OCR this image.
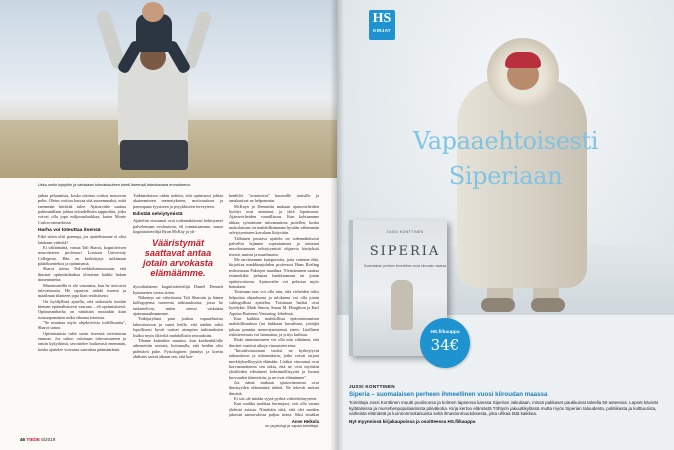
Usko omiin kykyihin ja valoisaan tulevaisuuteen toimii itseensä toteuttavana ennusteena.

jatkaa pelaamista, koska odottaa voittoa nousevan pelin. Oletus voittoa kasvaa sitä suuremmaksi, mitä enemmän hävittää tulee. Ajatusvirhe saattaa pahimmillaan johtaa taloudellisiin tappioihin, jotka voivat olla jopa miljoonaluokkaa, kuten Monte Carlon esimerkissä.

Harha voi toteuttaa itsensä

Eikö sitten olisi parempi, jos ajattelisimme ei olisi lainkaan virheitä?

Ei välttämättä, vastaa Tali Sharot, kognitiivisen neurotieteen professori Lontoon University Collegesta. Hän on keskittynyt tutkimaan päätöksentekoa ja optimismia.

Sharot toteaa Ted-verkkoluennossaan, että ihmiset optimistiharhaa oliisieme kaikki hukan masentuneita.

Masentuneilla ei ole vinoumia, kun he arvioivat tulevaisuutta. He tapaavat nähdä itsensä ja maailman tilanteen jopa liian realistisesti.

On hyödyllistä ajatella, että tarkastelu itseään hieman epärealistisesti vaarana – eli optimistisesti. Optimismiharha on nimittäin muutakin kuin ruusunpunainen mikä oikeana toteutuu.

"Se muuttaa myös objektiivista todellisuutta", Sharot sanoo.

Optimismista tulee usein itseensä toteuttavan ennuste. Jos uskoo valoisaan tulevaisuuteen ja omiin kykyihinsä, tavoittelee luultavasti enemmän, koska ajattelee voivansa saavuttaa päämääränsä.

Tutkimuksissa onkin todettu, että optimismi johtaa akateemiseen menestykseen, motivaatioon ja parempaan fyysiseen ja psyykkiseen terveyteen.

Edistää selviytymistä

Ajattelun vinoumat ovat todennäköisesti kehittyneet palvelemaan evoluutiota, eli toimintaamme, sanoo kognitiotieteilijä Ryan McKay ja yh-

Vääristymät saattavat antaa jotain arvokasta elämäämme.

dysvaltalainen kognitiotieteilijä Daniel Dennett kymmenen vuotta sitten.

Näkemys sai vahvistusta Tali Sharotin ja hänen kollegojensa tuoreesta tutkimuksesta, jossa he tarkastelivat, miten stressi vaikuttaa ajatusmaailmaamme.

Tutkijaryhmä pani joukon vapaaehtoisia laboratorioon ja sanoi heille, että näiden tulisi lopullisesti hyvät uutiset aiempien tutkimuksien lisäksi myös ilkiviltä mahdollisiin seurauksiin.

Tilanne kuitenkin muuttui, kun koehenkilöille aiheutettiin stressiä, hoitamalla, että heidän olisi pidettävä puhe. Fysiologinen jännitys ja koettu ahdistus saivat aikaan sen, että koe-

henkilöt "avautuivat" huonoille uutisille ja omaksuivat ne helpommin.

McKayn ja Dennettin mukaan ajatusvirheiden hyödyt ovat aiemmat, ja yhtä loputtomat. Ajatusvirheiden vaarallisuus. Kun kohtaamme uhkaa, työstämme informaatiota jaotellen, koska mukulaisuus on mahdollisimman hyvään vähemmän selviytymiseen kuvalaan liittyvään.

Tällainen joustava ajattelu on todennäköisesti palvellut lajimme sopeutumista ja auttanut muodostamaan selviytymistä ohjaavia käsityksiä itsestä, muista ja maailmasta.

Me tarvitsemme kategorioita, jotta voimme elää, kirjoittaa markkinajohdon professori Hans Rosling teoksessaan Faktojen maailma. Yleistäminen saattaa esimerkiksi pelastaa hankkiumaan tai jotain epätoivottavaa. Ajatusvirhe voi pelastaa myös bonuksen.

Toisinaan taas voi olla niin, että virheiden tulisi helpottaa ohjauksena ja tuloksena voi olla jotain vahingollista ajattelua. Toisinaan harhat ovat hyödyksi: Mark Simon, Susan M. Houghton ja Karl Aquino Business Venturing -lehdessä.

Kun kaikkia mahdollisia epäonnistumisen mahdollisuuksia (tai liukkaan kuvailusta, yrittäjiä jaksaa punnita menestymistensä eteen. Liiallinen riskitietoisuus voi lamauttaa, ja yritys kuihtuu.

Riski onnistumiseen voi olla niin vähäinen, että ihmiset vaativat aikoja vinoumien etua:

"Intuitiivisuuttaan vuoksi ne kytkeytyvät taikauskoon ja uskomuksiin, jotka voivat tarjota merkityksellisyyttä elämään. Lisäksi vinoumat ovat korvaamattomia sen takia, että ne ovat myöskin yksilöiden edistäneet keksinnöllisyyttä ja luonut luovuuden tilanteisiin, ja ne ovat elämämme".

Jos nämä mukaan ajatusvinoumat ovat ihmisyyden elämmästä tärkeä. Ne tekevät meistä ihmisiä.

Ei siis ole mitään syytä pyrkiä virheettömyyteen.

Kun ruuhka ruuhkaa hermojasi, voit olla varma yhdestä asiasta. Nimittäin siitä, että olet maiden jakavan aamuvalossa paljon tietoa. Siksi siinäkin

Anne Heikola
on psykologi ja vapaa toimittaja.
46 TIEDE 6/2019
HS
KIRJAT
Vapaaehtoisesti
Siperiaan
JUSSI KONTTINEN
SIPERIA
Suomalaisen perheen ihmeellinen vuosi kiiroudan maassa
HS.fi/kauppa
34€
JUSSI KONTTINEN
Siperia – suomalaisen perheen ihmeellinen vuosi kiiroudan maassa
Toimittaja Jussi Konttinen muutti puolisonsa ja kolmen lapsensa kanssa Siperian Jakutiaan, missä pakkaset paukkuivat talvella 50 asteessa. Lapset kävivät kylätaloissa ja murrehenpopulaarisista päiväkotia. Kirja kertoo elämästä Töhtyrin jakuuttikylässä mutta myös Siperian taloudesta, politiikasta ja kulttuurista, vaiheista elämästä ja luonnonmukaisuista sekä ilmastonmuutoksesta, joka uhkaa tätä kaikkea.
Nyt myynnissä kirjakaupoissa ja osoitteessa HS.fi/kauppa
